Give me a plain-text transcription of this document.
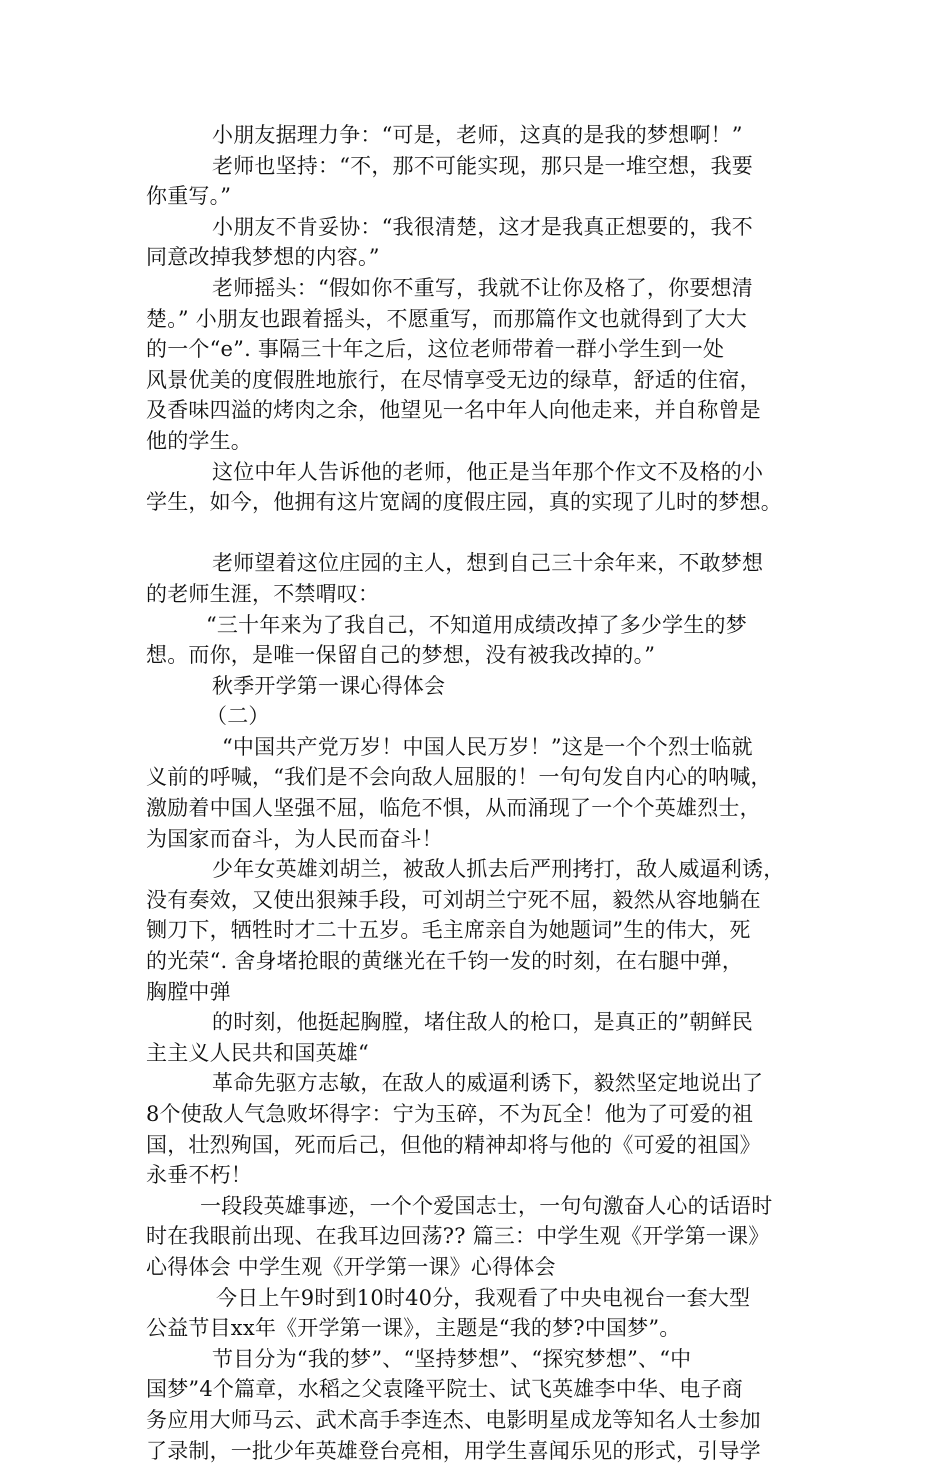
小朋友据理力争：“可是，老师，这真的是我的梦想啊！”
老师也坚持：“不，那不可能实现，那只是一堆空想，我要
你重写。”
小朋友不肯妥协：“我很清楚，这才是我真正想要的，我不
同意改掉我梦想的内容。”
老师摇头：“假如你不重写，我就不让你及格了，你要想清
楚。” 小朋友也跟着摇头，不愿重写，而那篇作文也就得到了大大
的一个“e”. 事隔三十年之后，这位老师带着一群小学生到一处
风景优美的度假胜地旅行，在尽情享受无边的绿草，舒适的住宿，
及香味四溢的烤肉之余，他望见一名中年人向他走来，并自称曾是
他的学生。
这位中年人告诉他的老师，他正是当年那个作文不及格的小
学生，如今，他拥有这片宽阔的度假庄园，真的实现了儿时的梦想。
老师望着这位庄园的主人，想到自己三十余年来，不敢梦想
的老师生涯，不禁喟叹：
“三十年来为了我自己，不知道用成绩改掉了多少学生的梦
想。而你，是唯一保留自己的梦想，没有被我改掉的。”
秋季开学第一课心得体会
（二）
“中国共产党万岁！中国人民万岁！”这是一个个烈士临就
义前的呼喊，“我们是不会向敌人屈服的！一句句发自内心的呐喊，
激励着中国人坚强不屈，临危不惧，从而涌现了一个个英雄烈士，
为国家而奋斗，为人民而奋斗！
少年女英雄刘胡兰，被敌人抓去后严刑拷打，敌人威逼利诱，
没有奏效，又使出狠辣手段，可刘胡兰宁死不屈，毅然从容地躺在
铡刀下，牺牲时才二十五岁。毛主席亲自为她题词”生的伟大，死
的光荣“. 舍身堵抢眼的黄继光在千钧一发的时刻，在右腿中弹，
胸膛中弹
的时刻，他挺起胸膛，堵住敌人的枪口，是真正的”朝鲜民
主主义人民共和国英雄“
革命先驱方志敏，在敌人的威逼利诱下，毅然坚定地说出了
8个使敌人气急败坏得字：宁为玉碎，不为瓦全！他为了可爱的祖
国，壮烈殉国，死而后己，但他的精神却将与他的《可爱的祖国》
永垂不朽！
一段段英雄事迹，一个个爱国志士，一句句激奋人心的话语时
时在我眼前出现、在我耳边回荡?? 篇三：中学生观《开学第一课》
心得体会 中学生观《开学第一课》心得体会
今日上午9时到10时40分，我观看了中央电视台一套大型
公益节目xx年《开学第一课》，主题是“我的梦?中国梦”。
节目分为“我的梦”、“坚持梦想”、“探究梦想”、“中
国梦”4个篇章，水稻之父袁隆平院士、试飞英雄李中华、电子商
务应用大师马云、武术高手李连杰、电影明星成龙等知名人士参加
了录制，一批少年英雄登台亮相，用学生喜闻乐见的形式，引导学
